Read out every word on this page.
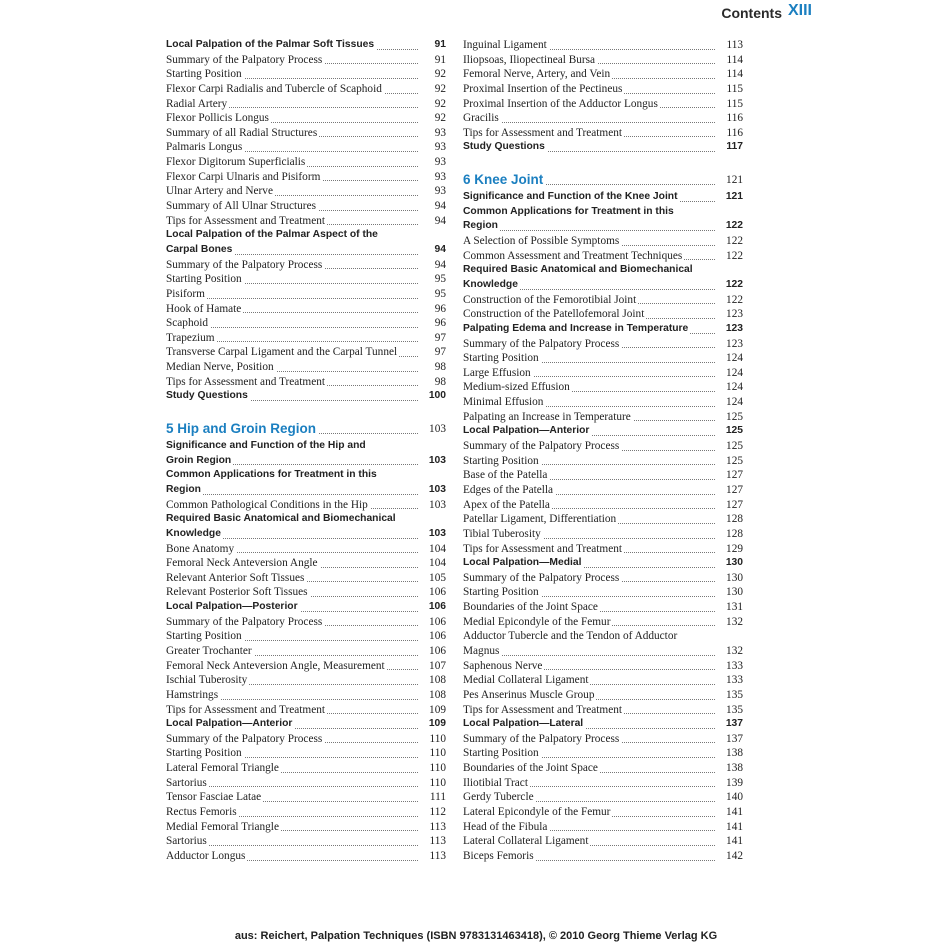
Contents XIII
Local Palpation of the Palmar Soft Tissues	91
Summary of the Palpatory Process	91
Starting Position	92
Flexor Carpi Radialis and Tubercle of Scaphoid	92
Radial Artery	92
Flexor Pollicis Longus	92
Summary of all Radial Structures	93
Palmaris Longus	93
Flexor Digitorum Superficialis	93
Flexor Carpi Ulnaris and Pisiform	93
Ulnar Artery and Nerve	93
Summary of All Ulnar Structures	94
Tips for Assessment and Treatment	94
Local Palpation of the Palmar Aspect of the
Carpal Bones	94
Summary of the Palpatory Process	94
Starting Position	95
Pisiform	95
Hook of Hamate	96
Scaphoid	96
Trapezium	97
Transverse Carpal Ligament and the Carpal Tunnel	97
Median Nerve, Position	98
Tips for Assessment and Treatment	98
Study Questions	100
5 Hip and Groin Region	103
Significance and Function of the Hip and
Groin Region	103
Common Applications for Treatment in this
Region	103
Common Pathological Conditions in the Hip	103
Required Basic Anatomical and Biomechanical
Knowledge	103
Bone Anatomy	104
Femoral Neck Anteversion Angle	104
Relevant Anterior Soft Tissues	105
Relevant Posterior Soft Tissues	106
Local Palpation—Posterior	106
Summary of the Palpatory Process	106
Starting Position	106
Greater Trochanter	106
Femoral Neck Anteversion Angle, Measurement	107
Ischial Tuberosity	108
Hamstrings	108
Tips for Assessment and Treatment	109
Local Palpation—Anterior	109
Summary of the Palpatory Process	110
Starting Position	110
Lateral Femoral Triangle	110
Sartorius	110
Tensor Fasciae Latae	111
Rectus Femoris	112
Medial Femoral Triangle	113
Sartorius	113
Adductor Longus	113
Inguinal Ligament	113
Iliopsoas, Iliopectineal Bursa	114
Femoral Nerve, Artery, and Vein	114
Proximal Insertion of the Pectineus	115
Proximal Insertion of the Adductor Longus	115
Gracilis	116
Tips for Assessment and Treatment	116
Study Questions	117
6 Knee Joint	121
Significance and Function of the Knee Joint	121
Common Applications for Treatment in this
Region	122
A Selection of Possible Symptoms	122
Common Assessment and Treatment Techniques	122
Required Basic Anatomical and Biomechanical
Knowledge	122
Construction of the Femorotibial Joint	122
Construction of the Patellofemoral Joint	123
Palpating Edema and Increase in Temperature	123
Summary of the Palpatory Process	123
Starting Position	124
Large Effusion	124
Medium-sized Effusion	124
Minimal Effusion	124
Palpating an Increase in Temperature	125
Local Palpation—Anterior	125
Summary of the Palpatory Process	125
Starting Position	125
Base of the Patella	127
Edges of the Patella	127
Apex of the Patella	127
Patellar Ligament, Differentiation	128
Tibial Tuberosity	128
Tips for Assessment and Treatment	129
Local Palpation—Medial	130
Summary of the Palpatory Process	130
Starting Position	130
Boundaries of the Joint Space	131
Medial Epicondyle of the Femur	132
Adductor Tubercle and the Tendon of Adductor
Magnus	132
Saphenous Nerve	133
Medial Collateral Ligament	133
Pes Anserinus Muscle Group	135
Tips for Assessment and Treatment	135
Local Palpation—Lateral	137
Summary of the Palpatory Process	137
Starting Position	138
Boundaries of the Joint Space	138
Iliotibial Tract	139
Gerdy Tubercle	140
Lateral Epicondyle of the Femur	141
Head of the Fibula	141
Lateral Collateral Ligament	141
Biceps Femoris	142
aus: Reichert, Palpation Techniques (ISBN 9783131463418), © 2010 Georg Thieme Verlag KG
